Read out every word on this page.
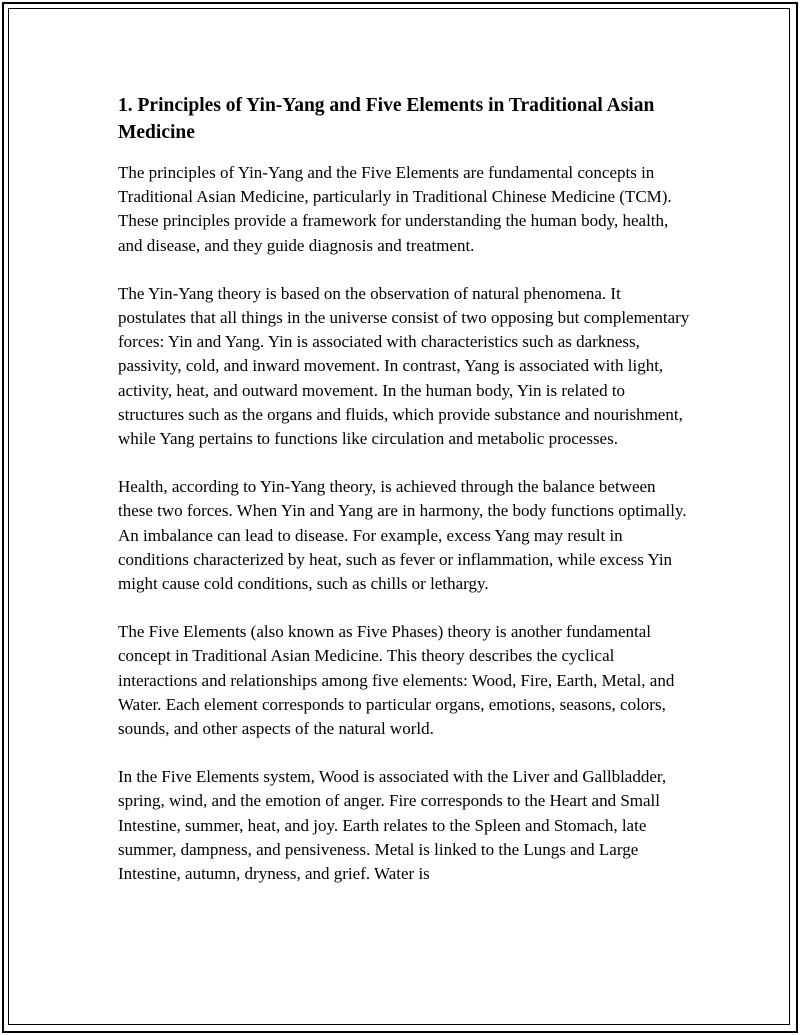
1. Principles of Yin-Yang and Five Elements in Traditional Asian Medicine

The principles of Yin-Yang and the Five Elements are fundamental concepts in Traditional Asian Medicine, particularly in Traditional Chinese Medicine (TCM). These principles provide a framework for understanding the human body, health, and disease, and they guide diagnosis and treatment.

The Yin-Yang theory is based on the observation of natural phenomena. It postulates that all things in the universe consist of two opposing but complementary forces: Yin and Yang. Yin is associated with characteristics such as darkness, passivity, cold, and inward movement. In contrast, Yang is associated with light, activity, heat, and outward movement. In the human body, Yin is related to structures such as the organs and fluids, which provide substance and nourishment, while Yang pertains to functions like circulation and metabolic processes.

Health, according to Yin-Yang theory, is achieved through the balance between these two forces. When Yin and Yang are in harmony, the body functions optimally. An imbalance can lead to disease. For example, excess Yang may result in conditions characterized by heat, such as fever or inflammation, while excess Yin might cause cold conditions, such as chills or lethargy.

The Five Elements (also known as Five Phases) theory is another fundamental concept in Traditional Asian Medicine. This theory describes the cyclical interactions and relationships among five elements: Wood, Fire, Earth, Metal, and Water. Each element corresponds to particular organs, emotions, seasons, colors, sounds, and other aspects of the natural world.

In the Five Elements system, Wood is associated with the Liver and Gallbladder, spring, wind, and the emotion of anger. Fire corresponds to the Heart and Small Intestine, summer, heat, and joy. Earth relates to the Spleen and Stomach, late summer, dampness, and pensiveness. Metal is linked to the Lungs and Large Intestine, autumn, dryness, and grief. Water is
